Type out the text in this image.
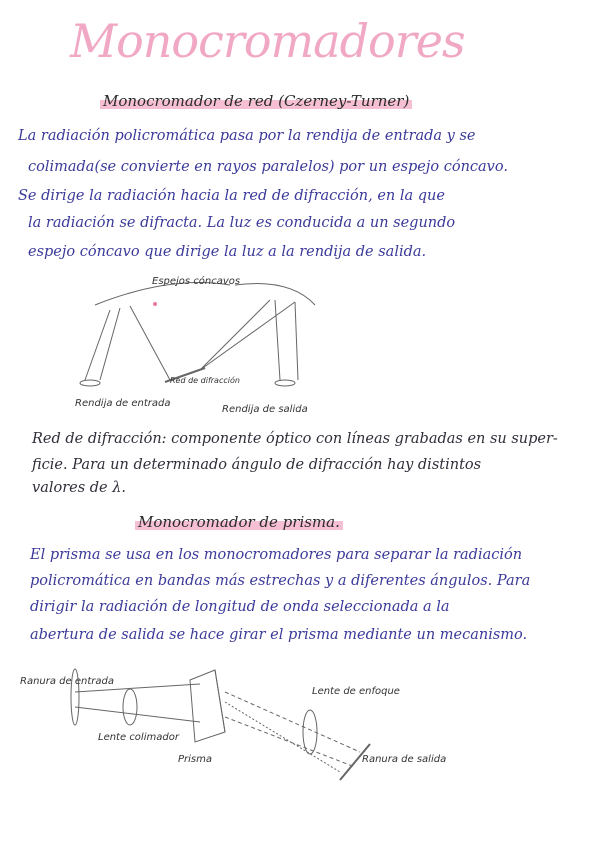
Monocromadores
Monocromador de red (Czerney-Turner)
La radiación policromática pasa por la rendija de entrada y se
colimada(se convierte en rayos paralelos) por un espejo cóncavo.
Se dirige la radiación hacia la red de difracción, en la que
la radiación se difracta. La luz es conducida a un segundo
espejo cóncavo que dirige la luz a la rendija de salida.
Espejos cóncavos
Rendija de entrada
Red de difracción
Rendija de salida
Red de difracción: componente óptico con líneas grabadas en su super-
ficie. Para un determinado ángulo de difracción hay distintos
valores de λ.
Monocromador de prisma.
El prisma se usa en los monocromadores para separar la radiación
policromática en bandas más estrechas y a diferentes ángulos. Para
dirigir la radiación de longitud de onda seleccionada a la
abertura de salida se hace girar el prisma mediante un mecanismo.
Ranura de entrada
Lente colimador
Prisma
Lente de enfoque
Ranura de salida
